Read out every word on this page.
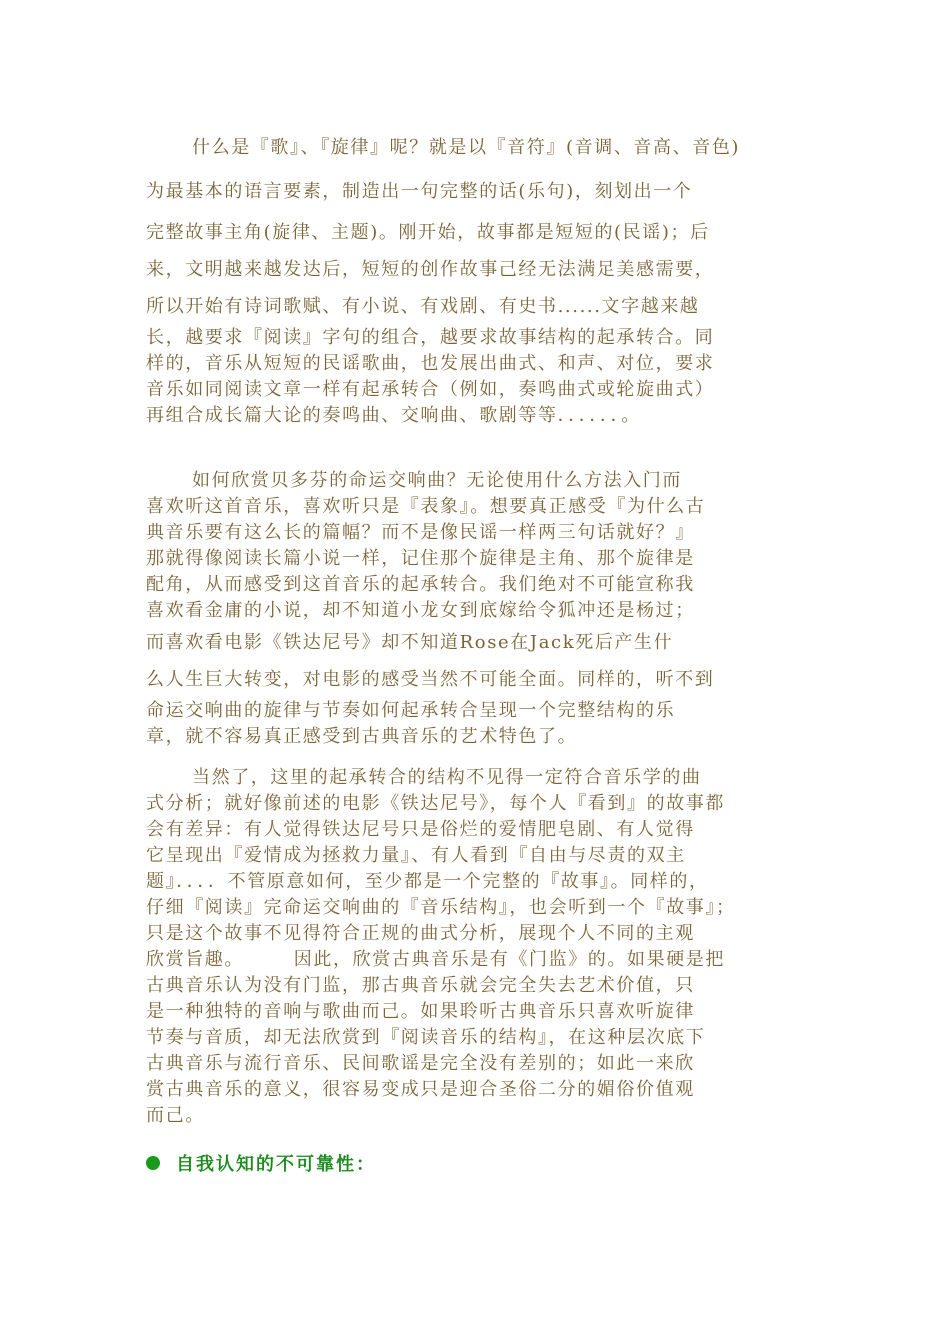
什么是『歌』、『旋律』呢？就是以『音符』(音调、音高、音色)
为最基本的语言要素，制造出一句完整的话(乐句)，刻划出一个
完整故事主角(旋律、主题)。刚开始，故事都是短短的(民谣)；后
来，文明越来越发达后，短短的创作故事己经无法满足美感需要，
所以开始有诗词歌赋、有小说、有戏剧、有史书......文字越来越
长，越要求『阅读』字句的组合，越要求故事结构的起承转合。同
样的，音乐从短短的民谣歌曲，也发展出曲式、和声、对位，要求
音乐如同阅读文章一样有起承转合（例如，奏鸣曲式或轮旋曲式）
再组合成长篇大论的奏鸣曲、交响曲、歌剧等等．．．．．．。
如何欣赏贝多芬的命运交响曲？无论使用什么方法入门而
喜欢听这首音乐，喜欢听只是『表象』。想要真正感受『为什么古
典音乐要有这么长的篇幅？而不是像民谣一样两三句话就好？』
那就得像阅读长篇小说一样，记住那个旋律是主角、那个旋律是
配角，从而感受到这首音乐的起承转合。我们绝对不可能宣称我
喜欢看金庸的小说，却不知道小龙女到底嫁给令狐冲还是杨过；
而喜欢看电影《铁达尼号》却不知道Rose在Jack死后产生什
么人生巨大转变，对电影的感受当然不可能全面。同样的，听不到
命运交响曲的旋律与节奏如何起承转合呈现一个完整结构的乐
章，就不容易真正感受到古典音乐的艺术特色了。
当然了，这里的起承转合的结构不见得一定符合音乐学的曲
式分析；就好像前述的电影《铁达尼号》，每个人『看到』的故事都
会有差异：有人觉得铁达尼号只是俗烂的爱情肥皂剧、有人觉得
它呈现出『爱情成为拯救力量』、有人看到『自由与尽责的双主
题』．．．．不管原意如何，至少都是一个完整的『故事』。同样的，
仔细『阅读』完命运交响曲的『音乐结构』，也会听到一个『故事』；
只是这个故事不见得符合正规的曲式分析，展现个人不同的主观
欣赏旨趣。　　　因此，欣赏古典音乐是有《门监》的。如果硬是把
古典音乐认为没有门监，那古典音乐就会完全失去艺术价值，只
是一种独特的音响与歌曲而己。如果聆听古典音乐只喜欢听旋律
节奏与音质，却无法欣赏到『阅读音乐的结构』，在这种层次底下
古典音乐与流行音乐、民间歌谣是完全没有差别的；如此一来欣
赏古典音乐的意义，很容易变成只是迎合圣俗二分的媚俗价值观
而己。
自我认知的不可靠性：
